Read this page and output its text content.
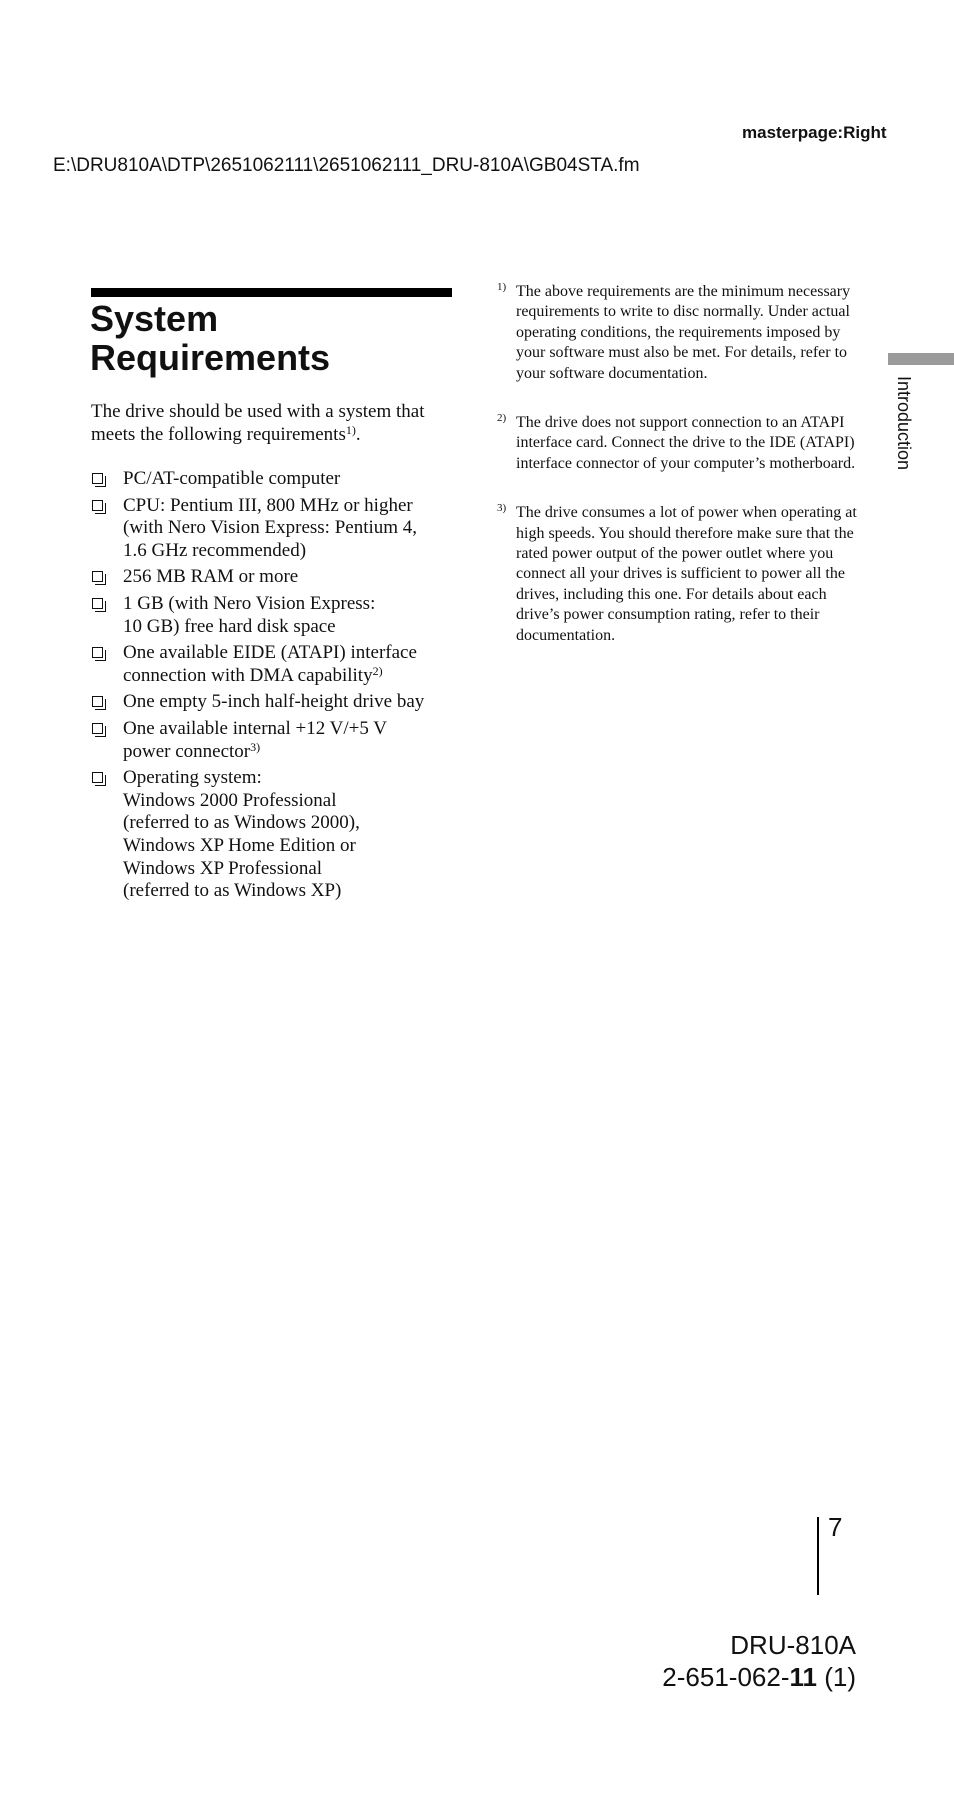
masterpage:Right
E:\DRU810A\DTP\2651062111\2651062111_DRU-810A\GB04STA.fm
System
Requirements

The drive should be used with a system that meets the following requirements$^{1)}$.

PC/AT-compatible computer
CPU: Pentium III, 800 MHz or higher
(with Nero Vision Express: Pentium 4,
1.6 GHz recommended)
256 MB RAM or more
1 GB (with Nero Vision Express:
10 GB) free hard disk space
One available EIDE (ATAPI) interface
connection with DMA capability$^{2)}$
One empty 5-inch half-height drive bay
One available internal +12 V/+5 V
power connector$^{3)}$
Operating system:
Windows 2000 Professional
(referred to as Windows 2000),
Windows XP Home Edition or
Windows XP Professional
(referred to as Windows XP)
1) The above requirements are the minimum necessary requirements to write to disc normally. Under actual operating conditions, the requirements imposed by your software must also be met. For details, refer to your software documentation.
2) The drive does not support connection to an ATAPI interface card. Connect the drive to the IDE (ATAPI) interface connector of your computer’s motherboard.
3) The drive consumes a lot of power when operating at high speeds. You should therefore make sure that the rated power output of the power outlet where you connect all your drives is sufficient to power all the drives, including this one. For details about each drive’s power consumption rating, refer to their documentation.
Introduction
7
DRU-810A
2-651-062-11 (1)
